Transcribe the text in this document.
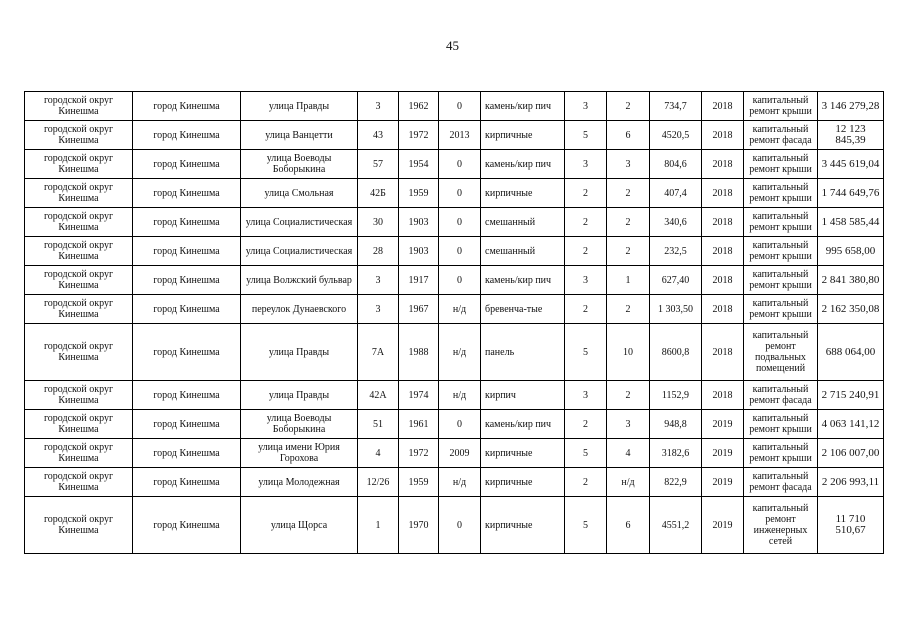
45
городской округ Кинешма	город Кинешма	улица Правды	3	1962	0	камень/кир пич	3	2	734,7	2018	капитальный ремонт крыши	3 146 279,28
городской округ Кинешма	город Кинешма	улица Ванцетти	43	1972	2013	кирпичные	5	6	4520,5	2018	капитальный ремонт фасада	12 123 845,39
городской округ Кинешма	город Кинешма	улица Воеводы Боборыкина	57	1954	0	камень/кир пич	3	3	804,6	2018	капитальный ремонт крыши	3 445 619,04
городской округ Кинешма	город Кинешма	улица Смольная	42Б	1959	0	кирпичные	2	2	407,4	2018	капитальный ремонт крыши	1 744 649,76
городской округ Кинешма	город Кинешма	улица Социалистическая	30	1903	0	смешанный	2	2	340,6	2018	капитальный ремонт крыши	1 458 585,44
городской округ Кинешма	город Кинешма	улица Социалистическая	28	1903	0	смешанный	2	2	232,5	2018	капитальный ремонт крыши	995 658,00
городской округ Кинешма	город Кинешма	улица Волжский бульвар	3	1917	0	камень/кир пич	3	1	627,40	2018	капитальный ремонт крыши	2 841 380,80
городской округ Кинешма	город Кинешма	переулок Дунаевского	3	1967	н/д	бревенча-тые	2	2	1 303,50	2018	капитальный ремонт крыши	2 162 350,08
городской округ Кинешма	город Кинешма	улица Правды	7А	1988	н/д	панель	5	10	8600,8	2018	капитальный ремонт подвальных помещений	688 064,00
городской округ Кинешма	город Кинешма	улица Правды	42А	1974	н/д	кирпич	3	2	1152,9	2018	капитальный ремонт фасада	2 715 240,91
городской округ Кинешма	город Кинешма	улица Воеводы Боборыкина	51	1961	0	камень/кир пич	2	3	948,8	2019	капитальный ремонт крыши	4 063 141,12
городской округ Кинешма	город Кинешма	улица имени Юрия Горохова	4	1972	2009	кирпичные	5	4	3182,6	2019	капитальный ремонт крыши	2 106 007,00
городской округ Кинешма	город Кинешма	улица Молодежная	12/26	1959	н/д	кирпичные	2	н/д	822,9	2019	капитальный ремонт фасада	2 206 993,11
городской округ Кинешма	город Кинешма	улица Щорса	1	1970	0	кирпичные	5	6	4551,2	2019	капитальный ремонт инженерных сетей	11 710 510,67
